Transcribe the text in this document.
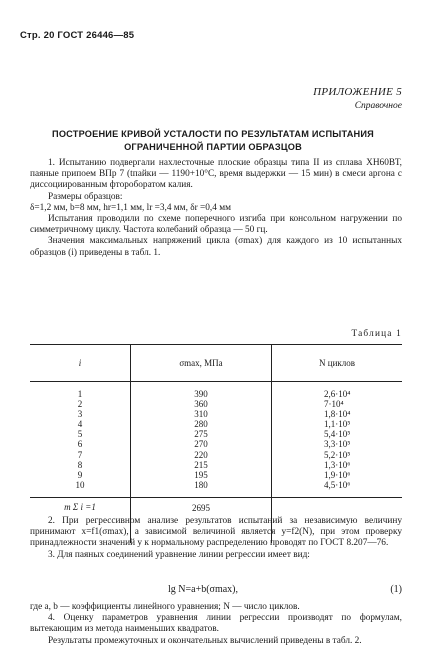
Стр. 20 ГОСТ 26446—85
ПРИЛОЖЕНИЕ 5
Справочное
ПОСТРОЕНИЕ КРИВОЙ УСТАЛОСТИ ПО РЕЗУЛЬТАТАМ ИСПЫТАНИЯ
ОГРАНИЧЕННОЙ ПАРТИИ ОБРАЗЦОВ
1. Испытанию подвергали нахлесточные плоские образцы типа II из сплава ХН60ВТ, паяные припоем ВПр 7 (tпайки — 1190+10°С, время выдержки — 15 мин) в смеси аргона с диссоциированным фтороборатом калия.
Размеры образцов:
δ=1,2 мм, b=8 мм, hr=1,1 мм, lr =3,4 мм, δr =0,4 мм
Испытания проводили по схеме поперечного изгиба при консольном нагружении по симметричному циклу. Частота колебаний образца — 50 гц.
Значения максимальных напряжений цикла (σmax) для каждого из 10 испытанных образцов (i) приведены в табл. 1.
Таблица 1
i	σmax, МПа	N циклов
1	390	2,6·10⁴
2	360	7·10⁴
3	310	1,8·10⁴
4	280	1,1·10⁵
5	275	5,4·10⁵
6	270	3,3·10⁵
7	220	5,2·10⁵
8	215	1,3·10⁶
9	195	1,9·10⁶
10	180	4,5·10⁶
m Σ i =1	2695	
2. При регрессивном анализе результатов испытаний за независимую величину принимают x=f1(σmax), а зависимой величиной является y=f2(N), при этом проверку принадлежности значений y к нормальному распределению проводят по ГОСТ 8.207—76.
3. Для паяных соединений уравнение линии регрессии имеет вид:
lg N=a+b(σmax),	(1)
где a, b — коэффициенты линейного уравнения; N — число циклов.
4. Оценку параметров уравнения линии регрессии производят по формулам, вытекающим из метода наименьших квадратов.
Результаты промежуточных и окончательных вычислений приведены в табл. 2.
